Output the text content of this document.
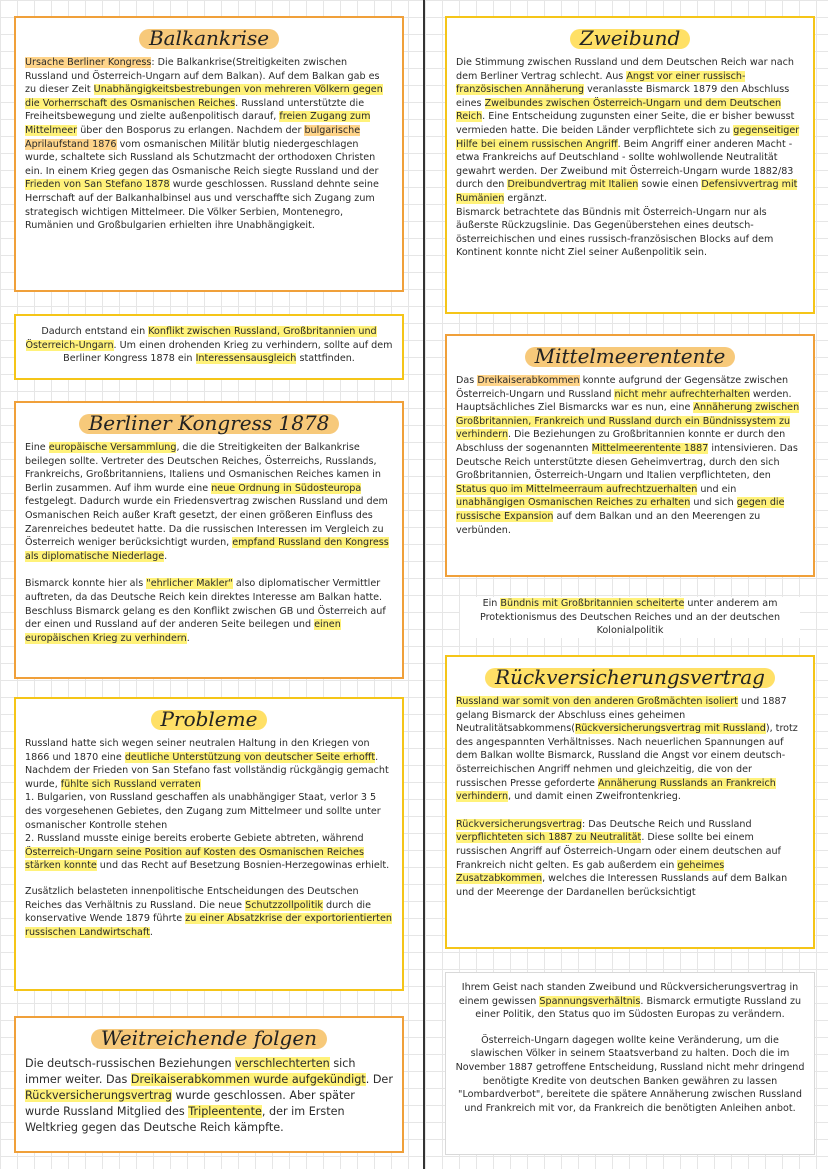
Balkankrise

Ursache Berliner Kongress: Die Balkankrise(Streitigkeiten zwischen Russland und Österreich-Ungarn auf dem Balkan). Auf dem Balkan gab es zu dieser Zeit Unabhängigkeitsbestrebungen von mehreren Völkern gegen die Vorherrschaft des Osmanischen Reiches. Russland unterstützte die Freiheitsbewegung und zielte außenpolitisch darauf, freien Zugang zum Mittelmeer über den Bosporus zu erlangen. Nachdem der bulgarische Aprilaufstand 1876 vom osmanischen Militär blutig niedergeschlagen wurde, schaltete sich Russland als Schutzmacht der orthodoxen Christen ein. In einem Krieg gegen das Osmanische Reich siegte Russland und der Frieden von San Stefano 1878 wurde geschlossen. Russland dehnte seine Herrschaft auf der Balkanhalbinsel aus und verschaffte sich Zugang zum strategisch wichtigen Mittelmeer. Die Völker Serbien, Montenegro, Rumänien und Großbulgarien erhielten ihre Unabhängigkeit.

Dadurch entstand ein Konflikt zwischen Russland, Großbritannien und Österreich-Ungarn. Um einen drohenden Krieg zu verhindern, sollte auf dem Berliner Kongress 1878 ein Interessensausgleich stattfinden.

Berliner Kongress 1878

Eine europäische Versammlung, die die Streitigkeiten der Balkankrise beilegen sollte. Vertreter des Deutschen Reiches, Österreichs, Russlands, Frankreichs, Großbritanniens, Italiens und Osmanischen Reiches kamen in Berlin zusammen. Auf ihm wurde eine neue Ordnung in Südosteuropa festgelegt. Dadurch wurde ein Friedensvertrag zwischen Russland und dem Osmanischen Reich außer Kraft gesetzt, der einen größeren Einfluss des Zarenreiches bedeutet hatte. Da die russischen Interessen im Vergleich zu Österreich weniger berücksichtigt wurden, empfand Russland den Kongress als diplomatische Niederlage.

Bismarck konnte hier als "ehrlicher Makler" also diplomatischer Vermittler auftreten, da das Deutsche Reich kein direktes Interesse am Balkan hatte. Beschluss Bismarck gelang es den Konflikt zwischen GB und Österreich auf der einen und Russland auf der anderen Seite beilegen und einen europäischen Krieg zu verhindern.

Probleme

Russland hatte sich wegen seiner neutralen Haltung in den Kriegen von 1866 und 1870 eine deutliche Unterstützung von deutscher Seite erhofft. Nachdem der Frieden von San Stefano fast vollständig rückgängig gemacht wurde, fühlte sich Russland verraten

1. Bulgarien, von Russland geschaffen als unabhängiger Staat, verlor 3 5 des vorgesehenen Gebietes, den Zugang zum Mittelmeer und sollte unter osmanischer Kontrolle stehen

2. Russland musste einige bereits eroberte Gebiete abtreten, während Österreich-Ungarn seine Position auf Kosten des Osmanischen Reiches stärken konnte und das Recht auf Besetzung Bosnien-Herzegowinas erhielt.

Zusätzlich belasteten innenpolitische Entscheidungen des Deutschen Reiches das Verhältnis zu Russland. Die neue Schutzzollpolitik durch die konservative Wende 1879 führte zu einer Absatzkrise der exportorientierten russischen Landwirtschaft.

Weitreichende folgen

Die deutsch-russischen Beziehungen verschlechterten sich immer weiter. Das Dreikaiserabkommen wurde aufgekündigt. Der Rückversicherungsvertrag wurde geschlossen. Aber später wurde Russland Mitglied des Tripleentente, der im Ersten Weltkrieg gegen das Deutsche Reich kämpfte.

Zweibund

Die Stimmung zwischen Russland und dem Deutschen Reich war nach dem Berliner Vertrag schlecht. Aus Angst vor einer russisch-französischen Annäherung veranlasste Bismarck 1879 den Abschluss eines Zweibundes zwischen Österreich-Ungarn und dem Deutschen Reich. Eine Entscheidung zugunsten einer Seite, die er bisher bewusst vermieden hatte. Die beiden Länder verpflichtete sich zu gegenseitiger Hilfe bei einem russischen Angriff. Beim Angriff einer anderen Macht - etwa Frankreichs auf Deutschland - sollte wohlwollende Neutralität gewahrt werden. Der Zweibund mit Österreich-Ungarn wurde 1882/83 durch den Dreibundvertrag mit Italien sowie einen Defensivvertrag mit Rumänien ergänzt.

Bismarck betrachtete das Bündnis mit Österreich-Ungarn nur als äußerste Rückzugslinie. Das Gegenüberstehen eines deutsch-österreichischen und eines russisch-französischen Blocks auf dem Kontinent konnte nicht Ziel seiner Außenpolitik sein.

Mittelmeerentente

Das Dreikaiserabkommen konnte aufgrund der Gegensätze zwischen Österreich-Ungarn und Russland nicht mehr aufrechterhalten werden. Hauptsächliches Ziel Bismarcks war es nun, eine Annäherung zwischen Großbritannien, Frankreich und Russland durch ein Bündnissystem zu verhindern. Die Beziehungen zu Großbritannien konnte er durch den Abschluss der sogenannten Mittelmeerentente 1887 intensivieren. Das Deutsche Reich unterstützte diesen Geheimvertrag, durch den sich Großbritannien, Österreich-Ungarn und Italien verpflichteten, den Status quo im Mittelmeerraum aufrechtzuerhalten und ein unabhängigen Osmanischen Reiches zu erhalten und sich gegen die russische Expansion auf dem Balkan und an den Meerengen zu verbünden.

Ein Bündnis mit Großbritannien scheiterte unter anderem am Protektionismus des Deutschen Reiches und an der deutschen Kolonialpolitik

Rückversicherungsvertrag

Russland war somit von den anderen Großmächten isoliert und 1887 gelang Bismarck der Abschluss eines geheimen Neutralitätsabkommens(Rückversicherungsvertrag mit Russland), trotz des angespannten Verhältnisses. Nach neuerlichen Spannungen auf dem Balkan wollte Bismarck, Russland die Angst vor einem deutsch-österreichischen Angriff nehmen und gleichzeitig, die von der russischen Presse geforderte Annäherung Russlands an Frankreich verhindern, und damit einen Zweifrontenkrieg.

Rückversicherungsvertrag: Das Deutsche Reich und Russland verpflichteten sich 1887 zu Neutralität. Diese sollte bei einem russischen Angriff auf Österreich-Ungarn oder einem deutschen auf Frankreich nicht gelten. Es gab außerdem ein geheimes Zusatzabkommen, welches die Interessen Russlands auf dem Balkan und der Meerenge der Dardanellen berücksichtigt

Ihrem Geist nach standen Zweibund und Rückversicherungsvertrag in einem gewissen Spannungsverhältnis. Bismarck ermutigte Russland zu einer Politik, den Status quo im Südosten Europas zu verändern.

Österreich-Ungarn dagegen wollte keine Veränderung, um die slawischen Völker in seinem Staatsverband zu halten. Doch die im November 1887 getroffene Entscheidung, Russland nicht mehr dringend benötigte Kredite von deutschen Banken gewähren zu lassen "Lombardverbot", bereitete die spätere Annäherung zwischen Russland und Frankreich mit vor, da Frankreich die benötigten Anleihen anbot.
